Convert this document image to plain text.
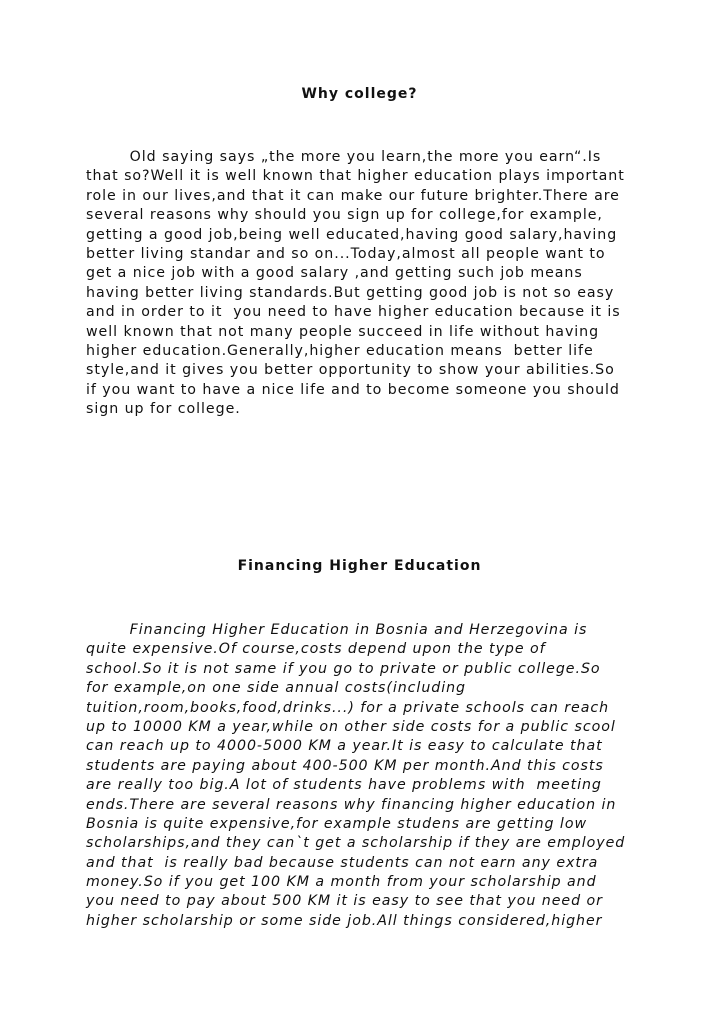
Why college?
Old saying says „the more you learn,the more you earn“.Is
that so?Well it is well known that higher education plays important
role in our lives,and that it can make our future brighter.There are
several reasons why should you sign up for college,for example,
getting a good job,being well educated,having good salary,having
better living standar and so on...Today,almost all people want to
get a nice job with a good salary ,and getting such job means
having better living standards.But getting good job is not so easy
and in order to it  you need to have higher education because it is
well known that not many people succeed in life without having
higher education.Generally,higher education means  better life
style,and it gives you better opportunity to show your abilities.So
if you want to have a nice life and to become someone you should
sign up for college.
Financing Higher Education
Financing Higher Education in Bosnia and Herzegovina is
quite expensive.Of course,costs depend upon the type of
school.So it is not same if you go to private or public college.So
for example,on one side annual costs(including
tuition,room,books,food,drinks...) for a private schools can reach
up to 10000 KM a year,while on other side costs for a public scool
can reach up to 4000-5000 KM a year.It is easy to calculate that
students are paying about 400-500 KM per month.And this costs
are really too big.A lot of students have problems with  meeting
ends.There are several reasons why financing higher education in
Bosnia is quite expensive,for example studens are getting low
scholarships,and they can`t get a scholarship if they are employed
and that  is really bad because students can not earn any extra
money.So if you get 100 KM a month from your scholarship and
you need to pay about 500 KM it is easy to see that you need or
higher scholarship or some side job.All things considered,higher
